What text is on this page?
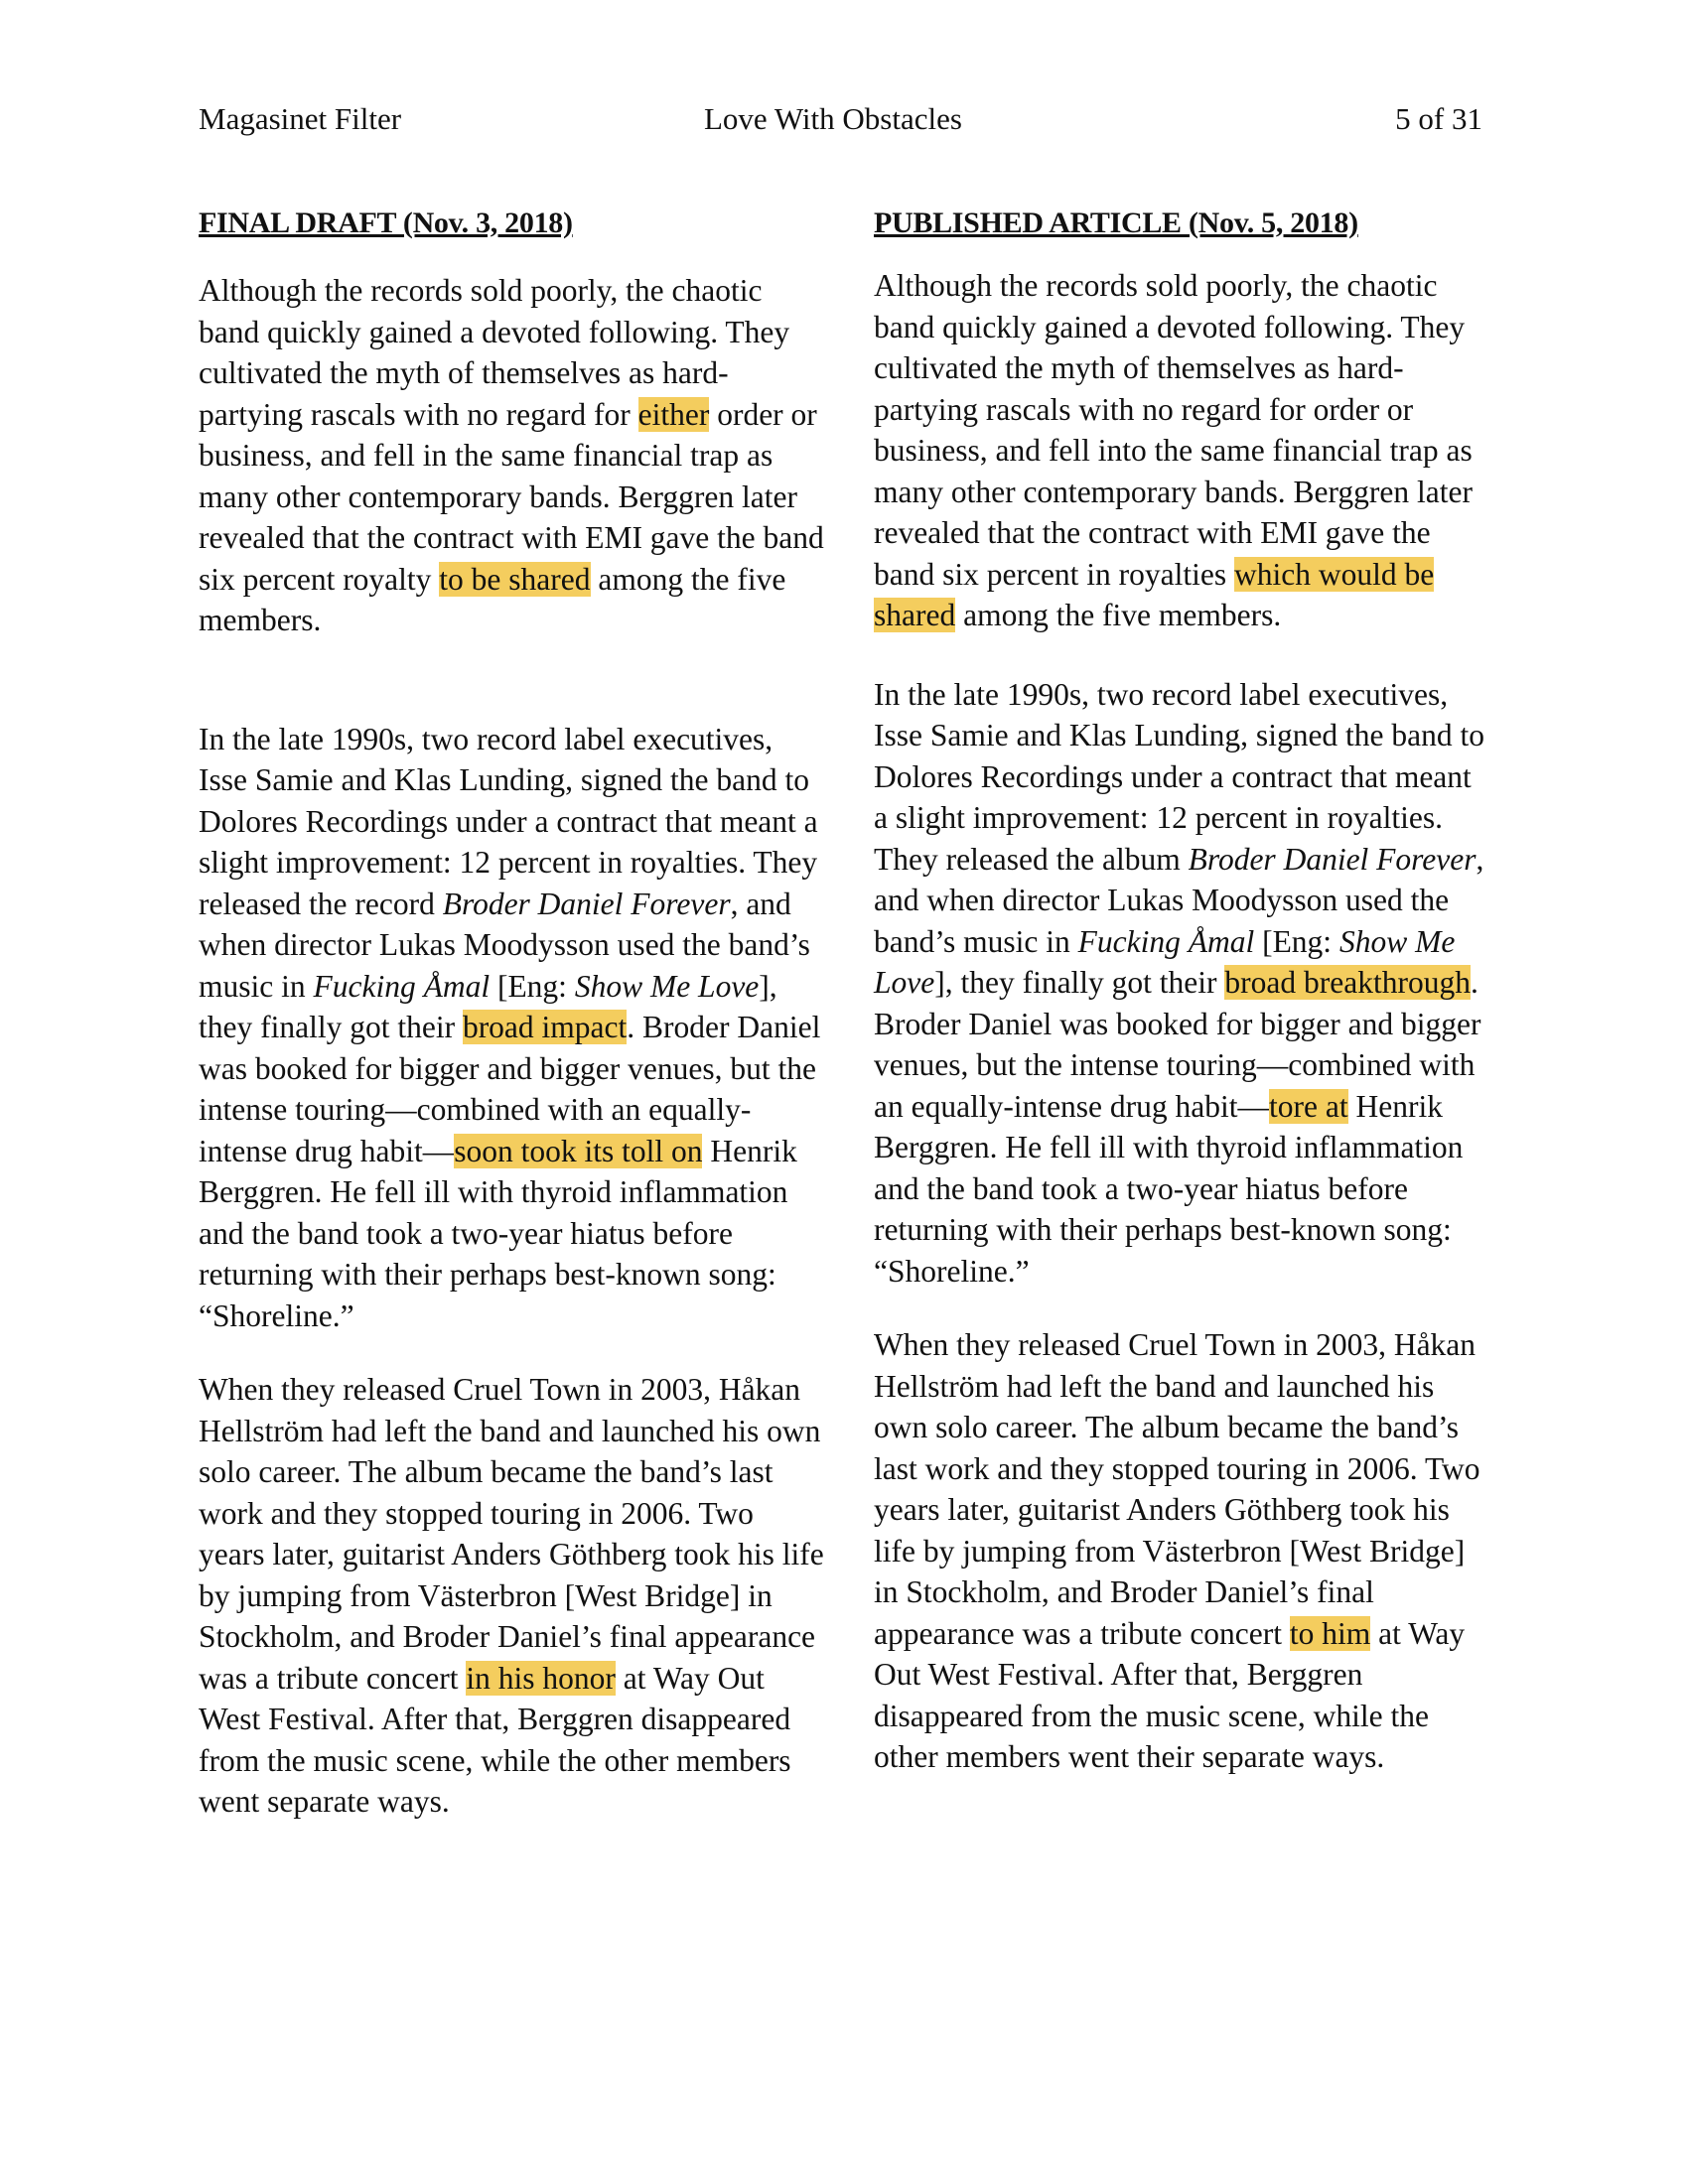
Magasinet Filter	Love With Obstacles	5 of 31
FINAL DRAFT (Nov. 3, 2018)

Although the records sold poorly, the chaotic band quickly gained a devoted following. They cultivated the myth of themselves as hard-partying rascals with no regard for either order or business, and fell in the same financial trap as many other contemporary bands. Berggren later revealed that the contract with EMI gave the band six percent royalty to be shared among the five members.

In the late 1990s, two record label executives, Isse Samie and Klas Lunding, signed the band to Dolores Recordings under a contract that meant a slight improvement: 12 percent in royalties. They released the record Broder Daniel Forever, and when director Lukas Moodysson used the band’s music in Fucking Åmal [Eng: Show Me Love], they finally got their broad impact. Broder Daniel was booked for bigger and bigger venues, but the intense touring—combined with an equally-intense drug habit—soon took its toll on Henrik Berggren. He fell ill with thyroid inflammation and the band took a two-year hiatus before returning with their perhaps best-known song: “Shoreline.”

When they released Cruel Town in 2003, Håkan Hellström had left the band and launched his own solo career. The album became the band’s last work and they stopped touring in 2006. Two years later, guitarist Anders Göthberg took his life by jumping from Västerbron [West Bridge] in Stockholm, and Broder Daniel’s final appearance was a tribute concert in his honor at Way Out West Festival. After that, Berggren disappeared from the music scene, while the other members went separate ways.

PUBLISHED ARTICLE (Nov. 5, 2018)

Although the records sold poorly, the chaotic band quickly gained a devoted following. They cultivated the myth of themselves as hard-partying rascals with no regard for order or business, and fell into the same financial trap as many other contemporary bands. Berggren later revealed that the contract with EMI gave the band six percent in royalties which would be shared among the five members.

In the late 1990s, two record label executives, Isse Samie and Klas Lunding, signed the band to Dolores Recordings under a contract that meant a slight improvement: 12 percent in royalties. They released the album Broder Daniel Forever, and when director Lukas Moodysson used the band’s music in Fucking Åmal [Eng: Show Me Love], they finally got their broad breakthrough. Broder Daniel was booked for bigger and bigger venues, but the intense touring—combined with an equally-intense drug habit—tore at Henrik Berggren. He fell ill with thyroid inflammation and the band took a two-year hiatus before returning with their perhaps best-known song: “Shoreline.”

When they released Cruel Town in 2003, Håkan Hellström had left the band and launched his own solo career. The album became the band’s last work and they stopped touring in 2006. Two years later, guitarist Anders Göthberg took his life by jumping from Västerbron [West Bridge] in Stockholm, and Broder Daniel’s final appearance was a tribute concert to him at Way Out West Festival. After that, Berggren disappeared from the music scene, while the other members went their separate ways.
